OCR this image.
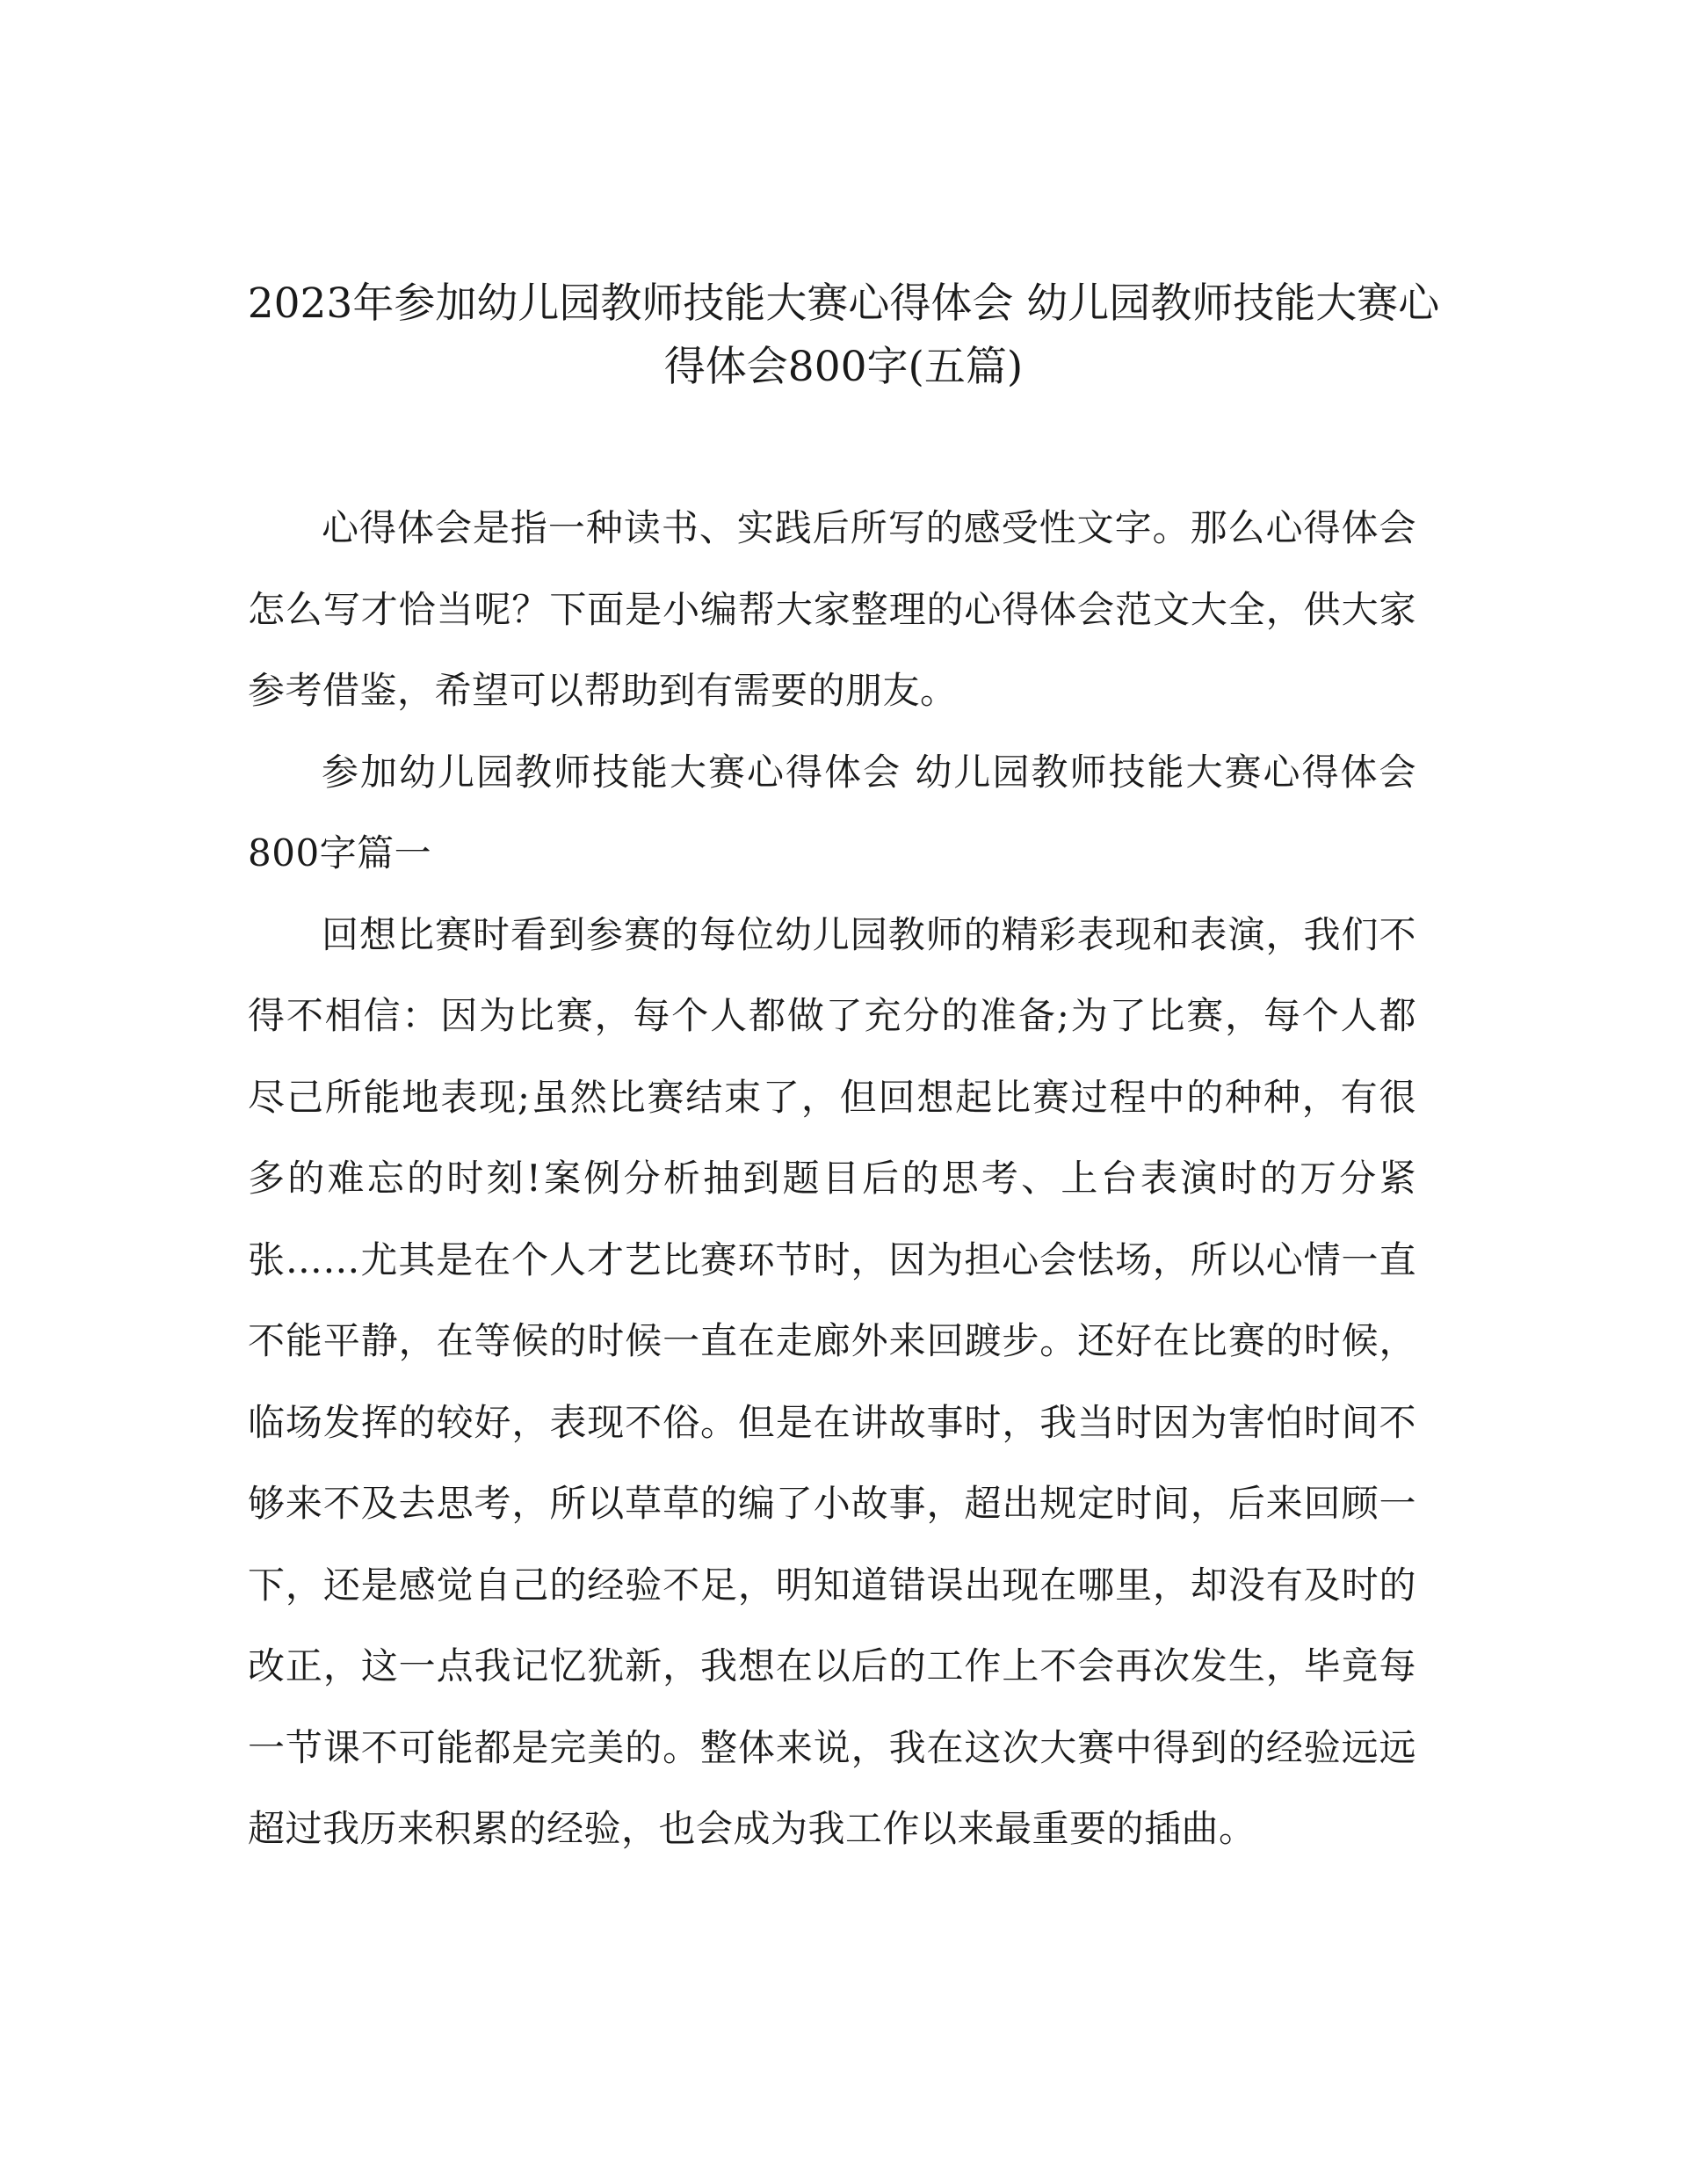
2023年参加幼儿园教师技能大赛心得体会 幼儿园教师技能大赛心得体会800字(五篇)

心得体会是指一种读书、实践后所写的感受性文字。那么心得体会怎么写才恰当呢？下面是小编帮大家整理的心得体会范文大全，供大家参考借鉴，希望可以帮助到有需要的朋友。

参加幼儿园教师技能大赛心得体会 幼儿园教师技能大赛心得体会800字篇一

回想比赛时看到参赛的每位幼儿园教师的精彩表现和表演，我们不得不相信：因为比赛，每个人都做了充分的准备;为了比赛，每个人都尽己所能地表现;虽然比赛结束了，但回想起比赛过程中的种种，有很多的难忘的时刻!案例分析抽到题目后的思考、上台表演时的万分紧张……尤其是在个人才艺比赛环节时，因为担心会怯场，所以心情一直不能平静，在等候的时候一直在走廊外来回踱步。还好在比赛的时候，临场发挥的较好，表现不俗。但是在讲故事时，我当时因为害怕时间不够来不及去思考，所以草草的编了小故事，超出规定时间，后来回顾一下，还是感觉自己的经验不足，明知道错误出现在哪里，却没有及时的改正，这一点我记忆犹新，我想在以后的工作上不会再次发生，毕竟每一节课不可能都是完美的。整体来说，我在这次大赛中得到的经验远远超过我历来积累的经验，也会成为我工作以来最重要的插曲。
